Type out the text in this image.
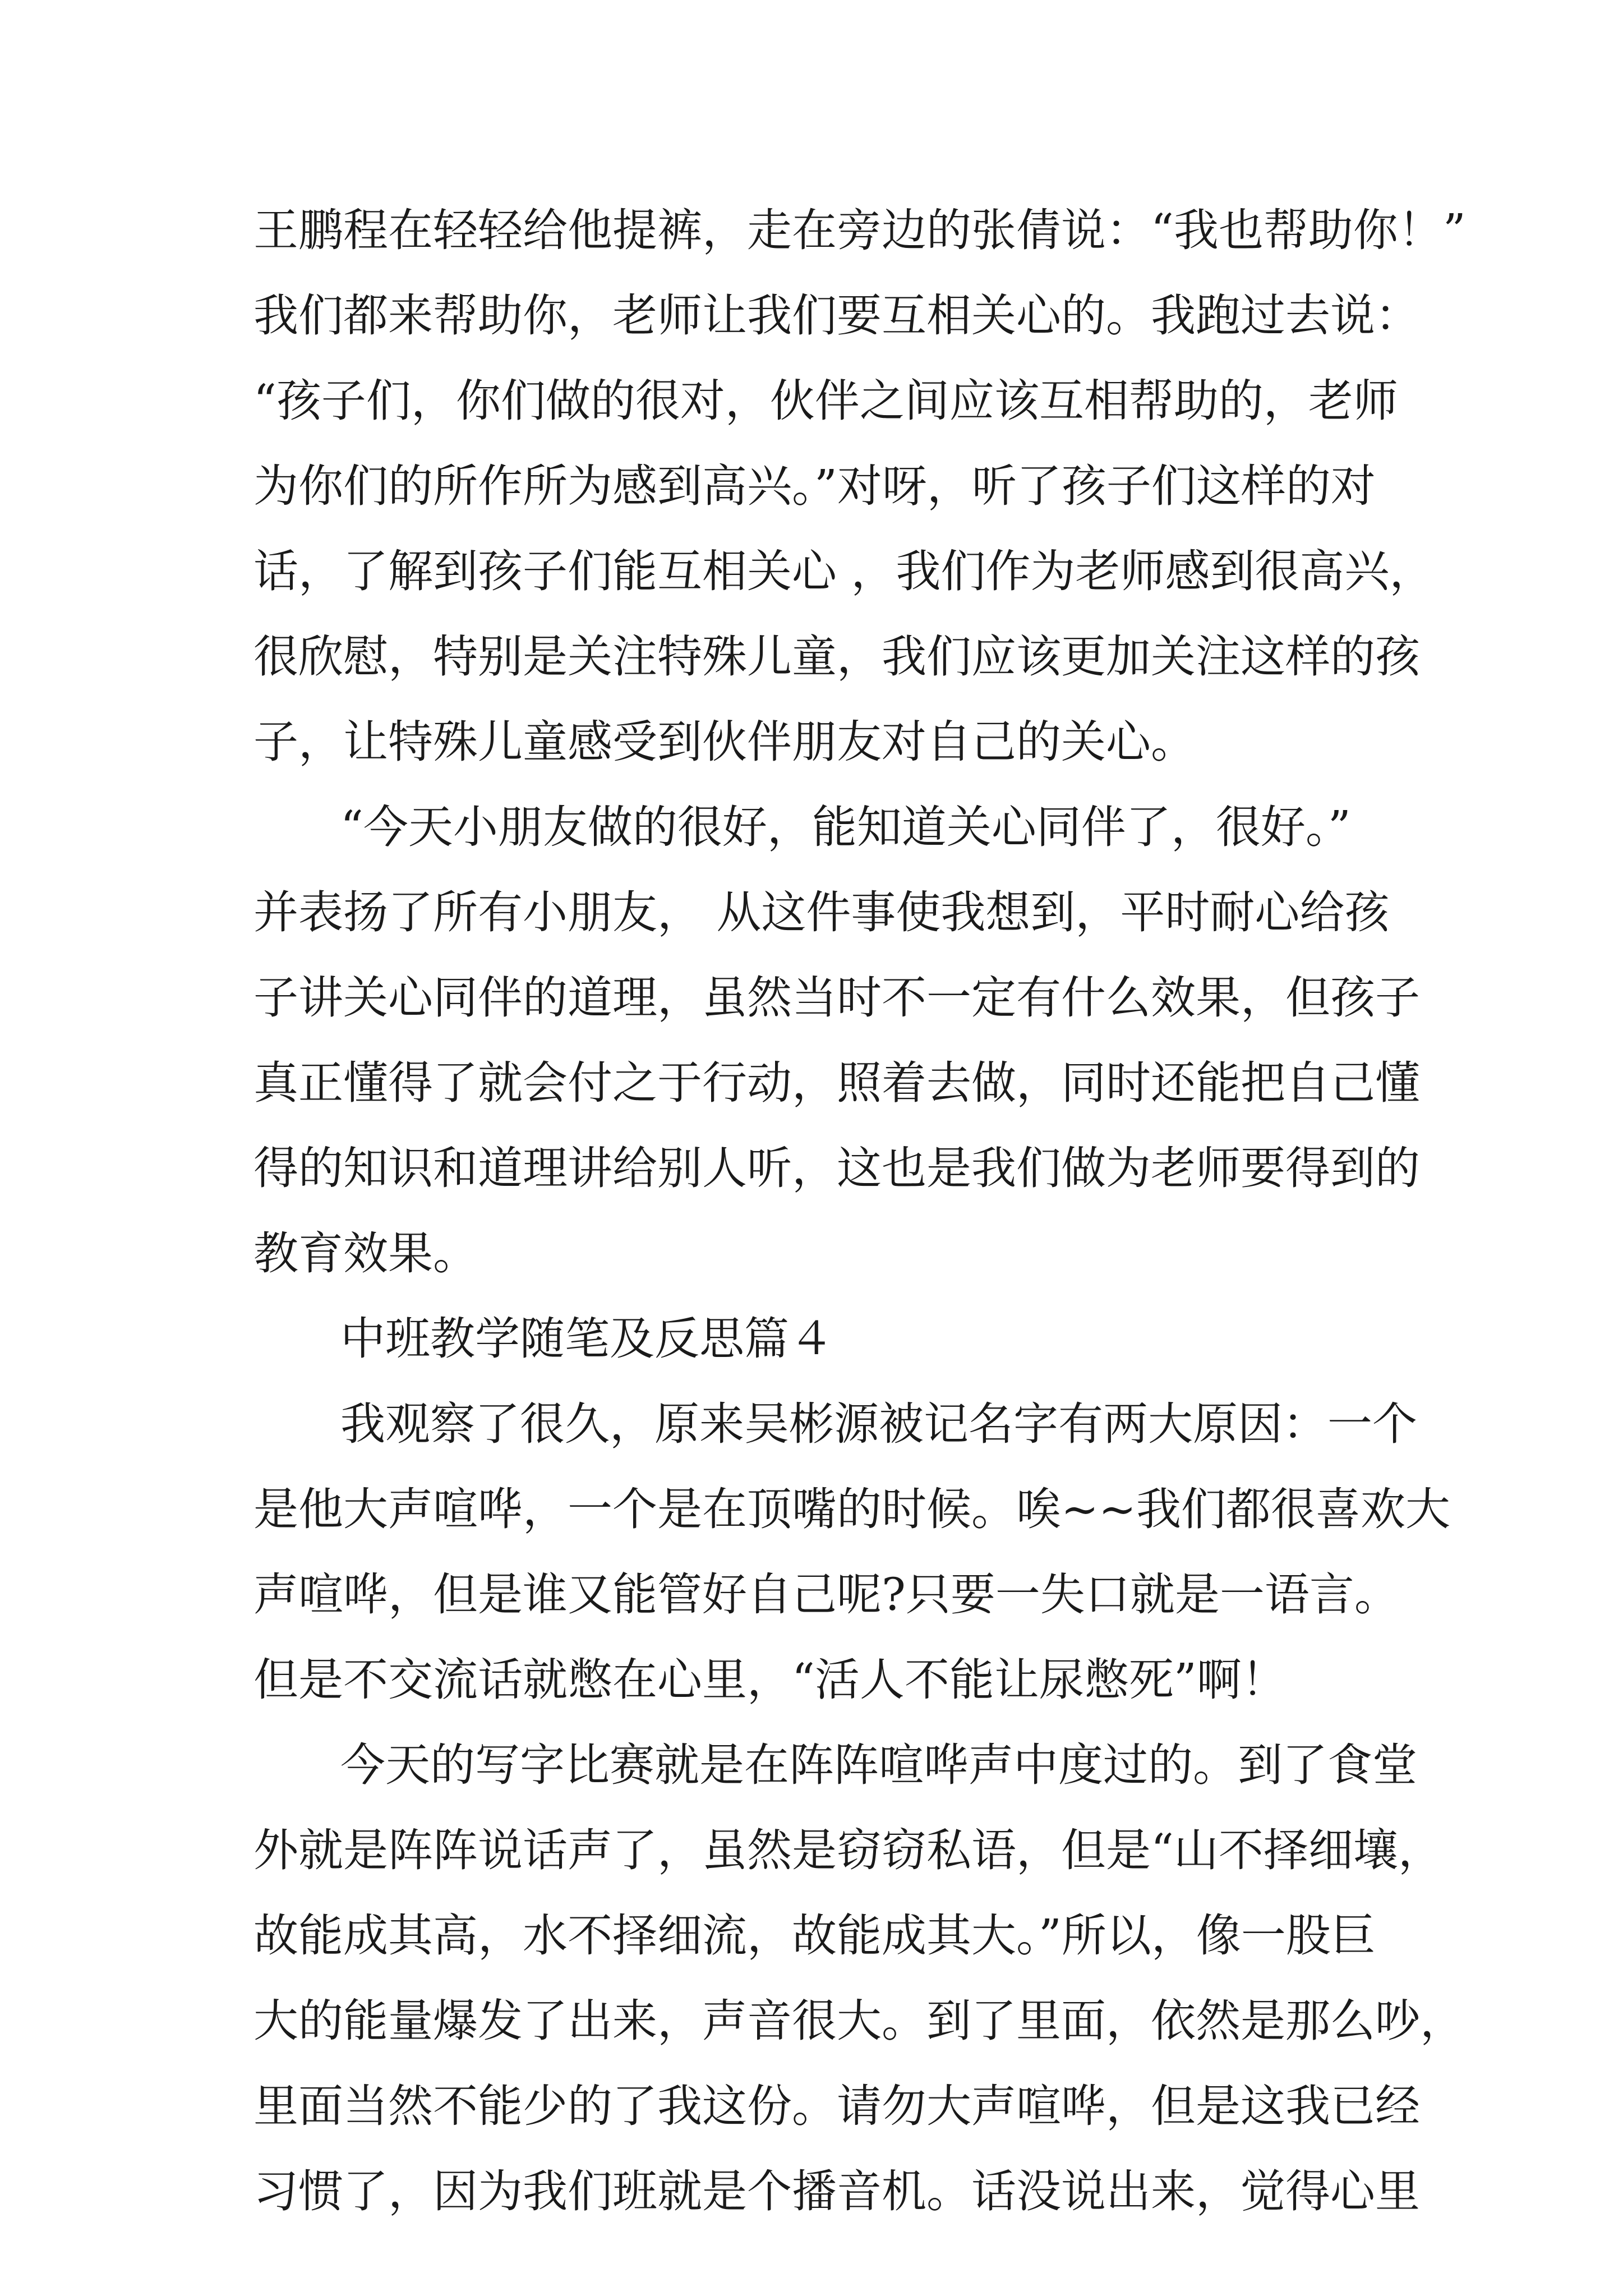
王鹏程在轻轻给他提裤，走在旁边的张倩说：“我也帮助你！”
我们都来帮助你，老师让我们要互相关心的。我跑过去说：
“孩子们，你们做的很对，伙伴之间应该互相帮助的，老师
为你们的所作所为感到高兴。”对呀，听了孩子们这样的对
话，了解到孩子们能互相关心 ，我们作为老师感到很高兴，
很欣慰，特别是关注特殊儿童，我们应该更加关注这样的孩
子，让特殊儿童感受到伙伴朋友对自己的关心。
“今天小朋友做的很好，能知道关心同伴了，很好。”
并表扬了所有小朋友， 从这件事使我想到，平时耐心给孩
子讲关心同伴的道理，虽然当时不一定有什么效果，但孩子
真正懂得了就会付之于行动，照着去做，同时还能把自己懂
得的知识和道理讲给别人听，这也是我们做为老师要得到的
教育效果。
中班教学随笔及反思篇４
我观察了很久，原来吴彬源被记名字有两大原因：一个
是他大声喧哗，一个是在顶嘴的时候。唉~~我们都很喜欢大
声喧哗，但是谁又能管好自己呢?只要一失口就是一语言。
但是不交流话就憋在心里，“活人不能让尿憋死”啊！
今天的写字比赛就是在阵阵喧哗声中度过的。到了食堂
外就是阵阵说话声了，虽然是窃窃私语，但是“山不择细壤，
故能成其高，水不择细流，故能成其大。”所以，像一股巨
大的能量爆发了出来，声音很大。到了里面，依然是那么吵，
里面当然不能少的了我这份。请勿大声喧哗，但是这我已经
习惯了，因为我们班就是个播音机。话没说出来，觉得心里
